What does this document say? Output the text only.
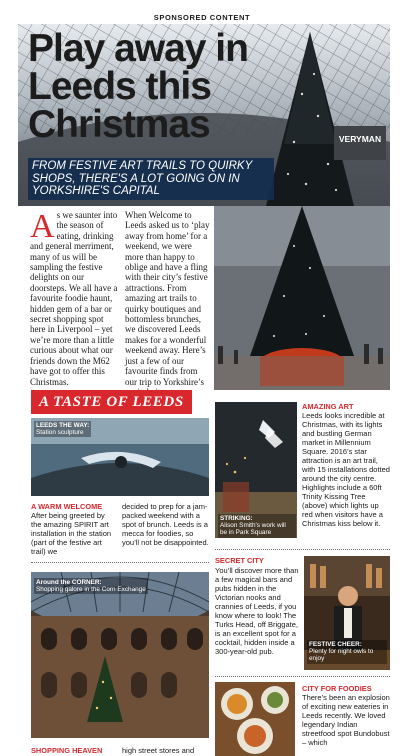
SPONSORED CONTENT
Play away in Leeds this Christmas
FROM FESTIVE ART TRAILS TO QUIRKY SHOPS, THERE'S A LOT GOING ON IN YORKSHIRE'S CAPITAL
VERYMAN
A s we saunter into the season of eating, drinking and general merriment, many of us will be sampling the festive delights on our doorsteps. We all have a favourite foodie haunt, hidden gem of a bar or secret shopping spot here in Liverpool – yet we’re more than a little curious about what our friends down the M62 have got to offer this Christmas.
When Welcome to Leeds asked us to ‘play away from home’ for a weekend, we were more than happy to oblige and have a fling with their city’s festive attractions. From amazing art trails to quirky boutiques and bottomless brunches, we discovered Leeds makes for a wonderful weekend away. Here’s just a few of our favourite finds from our trip to Yorkshire’s
A TASTE OF LEEDS
LEEDS THE WAY:
Station sculpture
STRIKING:
Alison Smith's work will be in Park Square
AMAZING ART
Leeds looks incredible at Christmas, with its lights and bustling German market in Millennium Square. 2016’s star attraction is an art trail, with 15 installations dotted around the city centre. Highlights include a 60ft Trinity Kissing Tree (above) which lights up red when visitors have a Christmas kiss below it.
A WARM WELCOME
After being greeted by the amazing SPIRIT art installation in the station (part of the festive art trail) we
decided to prep for a jam-packed weekend with a spot of brunch. Leeds is a mecca for foodies, so you’ll not be disappointed.
Around the CORNER:
Shopping galore in the Corn Exchange
SECRET CITY
You’ll discover more than a few magical bars and pubs hidden in the Victorian nooks and crannies of Leeds, if you know where to look! The Turks Head, off Briggate, is an excellent spot for a cocktail, hidden inside a 300-year-old pub.
FESTIVE CHEER:
Plenty for night owls to enjoy
CITY FOR FOODIES
There’s been an explosion of exciting new eateries in Leeds recently. We loved legendary Indian streetfood spot Bundobust – which
SHOPPING HEAVEN	high street stores and
